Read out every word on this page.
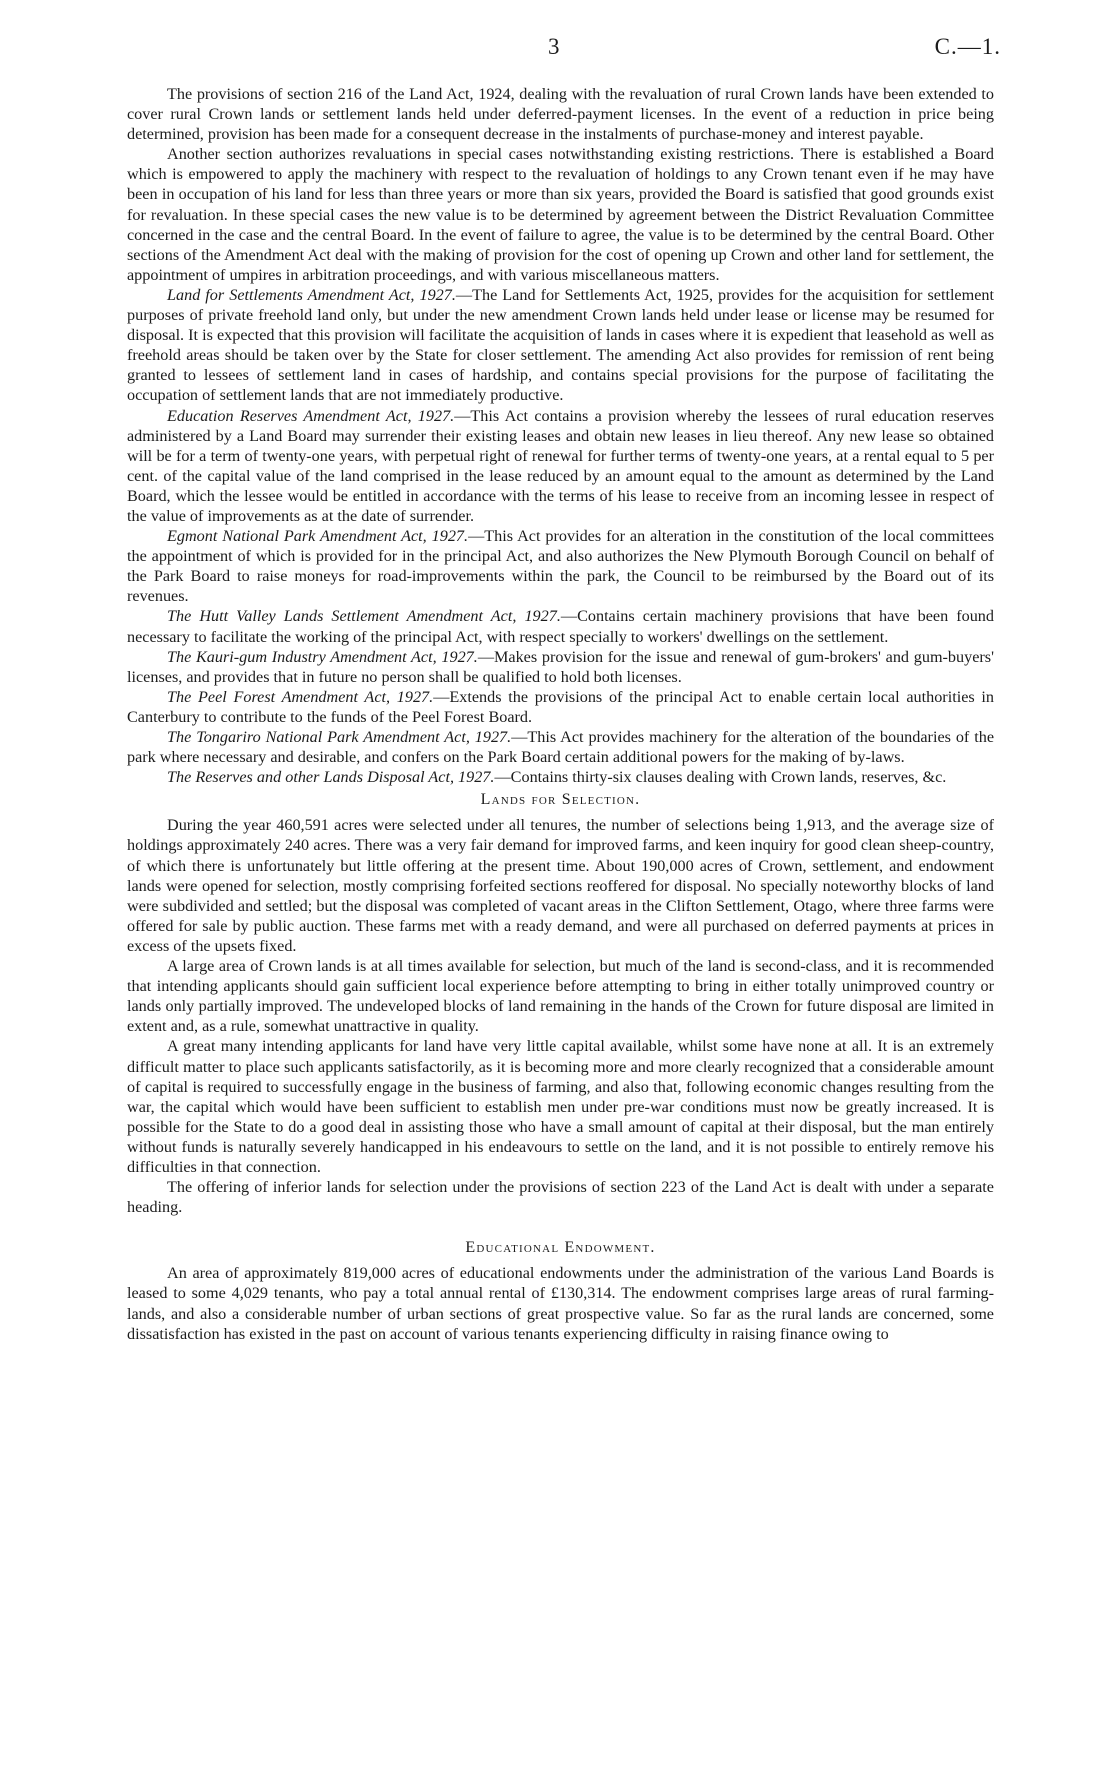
3	C.—1.

The provisions of section 216 of the Land Act, 1924, dealing with the revaluation of rural Crown lands have been extended to cover rural Crown lands or settlement lands held under deferred-payment licenses. In the event of a reduction in price being determined, provision has been made for a consequent decrease in the instalments of purchase-money and interest payable.

Another section authorizes revaluations in special cases notwithstanding existing restrictions. There is established a Board which is empowered to apply the machinery with respect to the revaluation of holdings to any Crown tenant even if he may have been in occupation of his land for less than three years or more than six years, provided the Board is satisfied that good grounds exist for revaluation. In these special cases the new value is to be determined by agreement between the District Revaluation Committee concerned in the case and the central Board. In the event of failure to agree, the value is to be determined by the central Board. Other sections of the Amendment Act deal with the making of provision for the cost of opening up Crown and other land for settlement, the appointment of umpires in arbitration proceedings, and with various miscellaneous matters.

Land for Settlements Amendment Act, 1927.—The Land for Settlements Act, 1925, provides for the acquisition for settlement purposes of private freehold land only, but under the new amendment Crown lands held under lease or license may be resumed for disposal. It is expected that this provision will facilitate the acquisition of lands in cases where it is expedient that leasehold as well as freehold areas should be taken over by the State for closer settlement. The amending Act also provides for remission of rent being granted to lessees of settlement land in cases of hardship, and contains special provisions for the purpose of facilitating the occupation of settlement lands that are not immediately productive.

Education Reserves Amendment Act, 1927.—This Act contains a provision whereby the lessees of rural education reserves administered by a Land Board may surrender their existing leases and obtain new leases in lieu thereof. Any new lease so obtained will be for a term of twenty-one years, with perpetual right of renewal for further terms of twenty-one years, at a rental equal to 5 per cent. of the capital value of the land comprised in the lease reduced by an amount equal to the amount as determined by the Land Board, which the lessee would be entitled in accordance with the terms of his lease to receive from an incoming lessee in respect of the value of improvements as at the date of surrender.

Egmont National Park Amendment Act, 1927.—This Act provides for an alteration in the constitution of the local committees the appointment of which is provided for in the principal Act, and also authorizes the New Plymouth Borough Council on behalf of the Park Board to raise moneys for road-improvements within the park, the Council to be reimbursed by the Board out of its revenues.

The Hutt Valley Lands Settlement Amendment Act, 1927.—Contains certain machinery provisions that have been found necessary to facilitate the working of the principal Act, with respect specially to workers' dwellings on the settlement.

The Kauri-gum Industry Amendment Act, 1927.—Makes provision for the issue and renewal of gum-brokers' and gum-buyers' licenses, and provides that in future no person shall be qualified to hold both licenses.

The Peel Forest Amendment Act, 1927.—Extends the provisions of the principal Act to enable certain local authorities in Canterbury to contribute to the funds of the Peel Forest Board.

The Tongariro National Park Amendment Act, 1927.—This Act provides machinery for the alteration of the boundaries of the park where necessary and desirable, and confers on the Park Board certain additional powers for the making of by-laws.

The Reserves and other Lands Disposal Act, 1927.—Contains thirty-six clauses dealing with Crown lands, reserves, &c.

Lands for Selection.

During the year 460,591 acres were selected under all tenures, the number of selections being 1,913, and the average size of holdings approximately 240 acres. There was a very fair demand for improved farms, and keen inquiry for good clean sheep-country, of which there is unfortunately but little offering at the present time. About 190,000 acres of Crown, settlement, and endowment lands were opened for selection, mostly comprising forfeited sections reoffered for disposal. No specially noteworthy blocks of land were subdivided and settled; but the disposal was completed of vacant areas in the Clifton Settlement, Otago, where three farms were offered for sale by public auction. These farms met with a ready demand, and were all purchased on deferred payments at prices in excess of the upsets fixed.

A large area of Crown lands is at all times available for selection, but much of the land is second-class, and it is recommended that intending applicants should gain sufficient local experience before attempting to bring in either totally unimproved country or lands only partially improved. The undeveloped blocks of land remaining in the hands of the Crown for future disposal are limited in extent and, as a rule, somewhat unattractive in quality.

A great many intending applicants for land have very little capital available, whilst some have none at all. It is an extremely difficult matter to place such applicants satisfactorily, as it is becoming more and more clearly recognized that a considerable amount of capital is required to successfully engage in the business of farming, and also that, following economic changes resulting from the war, the capital which would have been sufficient to establish men under pre-war conditions must now be greatly increased. It is possible for the State to do a good deal in assisting those who have a small amount of capital at their disposal, but the man entirely without funds is naturally severely handicapped in his endeavours to settle on the land, and it is not possible to entirely remove his difficulties in that connection.

The offering of inferior lands for selection under the provisions of section 223 of the Land Act is dealt with under a separate heading.

Educational Endowment.

An area of approximately 819,000 acres of educational endowments under the administration of the various Land Boards is leased to some 4,029 tenants, who pay a total annual rental of £130,314. The endowment comprises large areas of rural farming-lands, and also a considerable number of urban sections of great prospective value. So far as the rural lands are concerned, some dissatisfaction has existed in the past on account of various tenants experiencing difficulty in raising finance owing to
